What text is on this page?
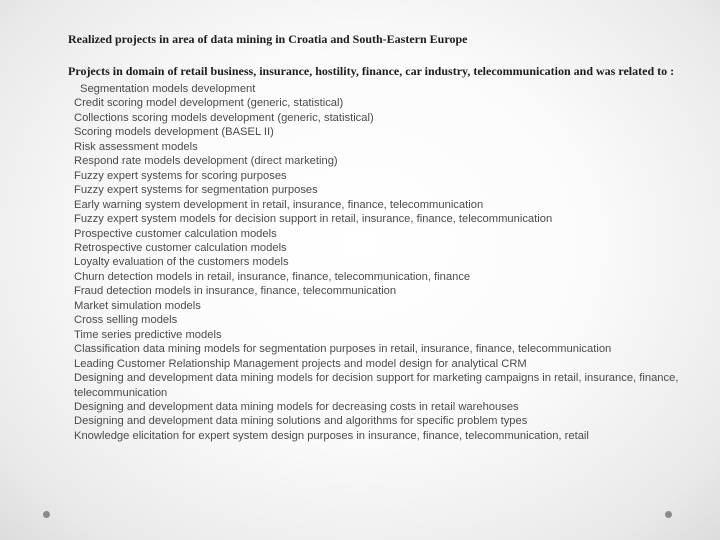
Realized projects in area of data mining in Croatia and South-Eastern Europe

Projects in domain of retail business, insurance, hostility, finance, car industry, telecommunication and was related to :

Segmentation models development
Credit scoring model development (generic, statistical)
Collections scoring models development (generic, statistical)
Scoring models development (BASEL II)
Risk assessment models
Respond rate models development (direct marketing)
Fuzzy expert systems for scoring purposes
Fuzzy expert systems for segmentation purposes
Early warning system development in retail, insurance, finance, telecommunication
Fuzzy expert system models for decision support in retail, insurance, finance, telecommunication
Prospective customer calculation models
Retrospective customer calculation models
Loyalty evaluation of the customers models
Churn detection models in retail, insurance, finance, telecommunication, finance
Fraud detection models in insurance, finance, telecommunication
Market simulation models
Cross selling models
Time series predictive models
Classification data mining models for segmentation purposes in retail, insurance, finance, telecommunication
Leading Customer Relationship Management projects and model design for analytical CRM
Designing and development data mining models for decision support for marketing campaigns in retail, insurance, finance, telecommunication
Designing and development data mining models for decreasing costs in retail warehouses
Designing and development data mining solutions and algorithms for specific problem types
Knowledge elicitation for expert system design purposes in insurance, finance, telecommunication, retail
